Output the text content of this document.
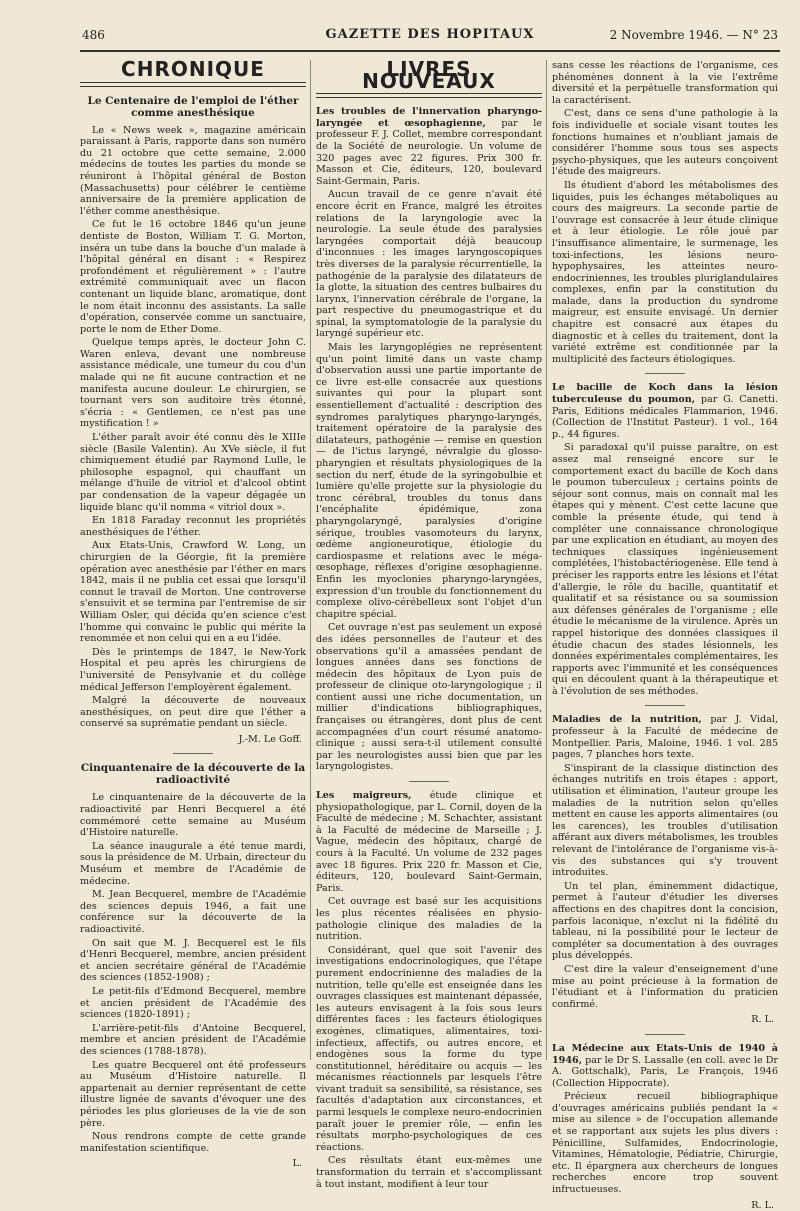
486	GAZETTE DES HOPITAUX	2 Novembre 1946. — N° 23
CHRONIQUE
Le Centenaire de l'emploi de l'éther comme anesthésique

Le « News week », magazine américain paraissant à Paris, rapporte dans son numéro du 21 octobre que cette semaine, 2.000 médecins de toutes les parties du monde se réuniront à l'hôpital général de Boston (Massachusetts) pour célébrer le centième anniversaire de la première application de l'éther comme anesthésique.

Ce fut le 16 octobre 1846 qu'un jeune dentiste de Boston, William T. G. Morton, inséra un tube dans la bouche d'un malade à l'hôpital général en disant : « Respirez profondément et régulièrement » : l'autre extrémité communiquait avec un flacon contenant un liquide blanc, aromatique, dont le nom était inconnu des assistants. La salle d'opération, conservée comme un sanctuaire, porte le nom de Ether Dome.

Quelque temps après, le docteur John C. Waren enleva, devant une nombreuse assistance médicale, une tumeur du cou d'un malade qui ne fit aucune contraction et ne manifesta aucune douleur. Le chirurgien, se tournant vers son auditoire très étonné, s'écria : « Gentlemen, ce n'est pas une mystification ! »

L'éther paraît avoir été connu dès le XIIIe siècle (Basile Valentin). Au XVe siècle, il fut chimiquement étudié par Raymond Lulle, le philosophe espagnol, qui chauffant un mélange d'huile de vitriol et d'alcool obtint par condensation de la vapeur dégagée un liquide blanc qu'il nomma « vitriol doux ».

En 1818 Faraday reconnut les propriétés anesthésiques de l'éther.

Aux Etats-Unis, Crawford W. Long, un chirurgien de la Géorgie, fit la première opération avec anesthésie par l'éther en mars 1842, mais il ne publia cet essai que lorsqu'il connut le travail de Morton. Une controverse s'ensuivit et se termina par l'entremise de sir William Osler, qui décida qu'en science c'est l'homme qui convainc le public qui mérite la renommée et non celui qui en a eu l'idée.

Dès le printemps de 1847, le New-York Hospital et peu après les chirurgiens de l'université de Pensylvanie et du collège médical Jefferson l'employèrent également.

Malgré la découverte de nouveaux anesthésiques, on peut dire que l'éther a conservé sa suprématie pendant un siècle.

J.-M. Le Goff.
Cinquantenaire de la découverte de la radioactivité

Le cinquantenaire de la découverte de la radioactivité par Henri Becquerel a été commémoré cette semaine au Muséum d'Histoire naturelle.

La séance inaugurale a été tenue mardi, sous la présidence de M. Urbain, directeur du Muséum et membre de l'Académie de médecine.

M. Jean Becquerel, membre de l'Académie des sciences depuis 1946, a fait une conférence sur la découverte de la radioactivité.

On sait que M. J. Becquerel est le fils d'Henri Becquerel, membre, ancien président et ancien secrétaire général de l'Académie des sciences (1852-1908) ;

Le petit-fils d'Edmond Becquerel, membre et ancien président de l'Académie des sciences (1820-1891) ;

L'arrière-petit-fils d'Antoine Becquerel, membre et ancien président de l'Académie des sciences (1788-1878).

Les quatre Becquerel ont été professeurs au Muséum d'Histoire naturelle. Il appartenait au dernier représentant de cette illustre lignée de savants d'évoquer une des périodes les plus glorieuses de la vie de son père.

Nous rendrons compte de cette grande manifestation scientifique.

L.
LIVRES NOUVEAUX

Les troubles de l'innervation pharyngo-laryngée et œsophagienne, par le professeur F. J. Collet, membre correspondant de la Société de neurologie. Un volume de 320 pages avec 22 figures. Prix 300 fr. Masson et Cie, éditeurs, 120, boulevard Saint-Germain, Paris.

Aucun travail de ce genre n'avait été encore écrit en France, malgré les étroites relations de la laryngologie avec la neurologie. La seule étude des paralysies laryngées comportait déjà beaucoup d'inconnues : les images laryngoscopiques très diverses de la paralysie récurrentielle, la pathogénie de la paralysie des dilatateurs de la glotte, la situation des centres bulbaires du larynx, l'innervation cérébrale de l'organe, la part respective du pneumogastrique et du spinal, la symptomatologie de la paralysie du laryngé supérieur etc.

Mais les laryngoplégies ne représentent qu'un point limité dans un vaste champ d'observation aussi une partie importante de ce livre est-elle consacrée aux questions suivantes qui pour la plupart sont essentiellement d'actualité : description des syndromes paralytiques pharyngo-laryngés, traitement opératoire de la paralysie des dilatateurs, pathogénie — remise en question — de l'ictus laryngé, névralgie du glosso-pharyngien et résultats physiologiques de la section du nerf, étude de la syringobulbie et lumière qu'elle projette sur la physiologie du tronc cérébral, troubles du tonus dans l'encéphalite épidémique, zona pharyngolaryngé, paralysies d'origine sérique, troubles vasomoteurs du larynx, œdème angioneurotique, étiologie du cardiospasme et relations avec le méga-œsophage, réflexes d'origine œsophagienne. Enfin les myoclonies pharyngo-laryngées, expression d'un trouble du fonctionnement du complexe olivo-cérébelleux sont l'objet d'un chapitre spécial.

Cet ouvrage n'est pas seulement un exposé des idées personnelles de l'auteur et des observations qu'il a amassées pendant de longues années dans ses fonctions de médecin des hôpitaux de Lyon puis de professeur de clinique oto-laryngologique ; il contient aussi une riche documentation, un millier d'indications bibliographiques, françaises ou étrangères, dont plus de cent accompagnées d'un court résumé anatomo-clinique ; aussi sera-t-il utilement consulté par les neurologistes aussi bien que par les laryngologistes.

Les maigreurs, étude clinique et physiopathologique, par L. Cornil, doyen de la Faculté de médecine ; M. Schachter, assistant à la Faculté de médecine de Marseille ; J. Vague, médecin des hôpitaux, chargé de cours à la Faculté. Un volume de 232 pages avec 18 figures. Prix 220 fr. Masson et Cie, éditeurs, 120, boulevard Saint-Germain, Paris.

Cet ouvrage est basé sur les acquisitions les plus récentes réalisées en physio-pathologie clinique des maladies de la nutrition.

Considérant, quel que soit l'avenir des investigations endocrinologiques, que l'étape purement endocrinienne des maladies de la nutrition, telle qu'elle est enseignée dans les ouvrages classiques est maintenant dépassée, les auteurs envisagent à la fois sous leurs différentes faces : les facteurs étiologiques exogènes, climatiques, alimentaires, toxi-infectieux, affectifs, ou autres encore, et endogènes sous la forme du type constitutionnel, héréditaire ou acquis — les mécanismes réactionnels par lesquels l'être vivant traduit sa sensibilité, sa résistance, ses facultés d'adaptation aux circonstances, et parmi lesquels le complexe neuro-endocrinien paraît jouer le premier rôle, — enfin les résultats morpho-psychologiques de ces réactions.

Ces résultats étant eux-mêmes une transformation du terrain et s'accomplissant à tout instant, modifient à leur tour

sans cesse les réactions de l'organisme, ces phénomènes donnent à la vie l'extrême diversité et la perpétuelle transformation qui la caractérisent.

C'est, dans ce sens d'une pathologie à la fois individuelle et sociale visant toutes les fonctions humaines et n'oubliant jamais de considérer l'homme sous tous ses aspects psycho-physiques, que les auteurs conçoivent l'étude des maigreurs.

Ils étudient d'abord les métabolismes des liquides, puis les échanges métaboliques au cours des maigreurs. La seconde partie de l'ouvrage est consacrée à leur étude clinique et à leur étiologie. Le rôle joué par l'insuffisance alimentaire, le surmenage, les toxi-infections, les lésions neuro-hypophysaires, les atteintes neuro-endocriniennes, les troubles pluriglandulaires complexes, enfin par la constitution du malade, dans la production du syndrome maigreur, est ensuite envisagé. Un dernier chapitre est consacré aux étapes du diagnostic et à celles du traitement, dont la variété extrême est conditionnée par la multiplicité des facteurs étiologiques.

Le bacille de Koch dans la lésion tuberculeuse du poumon, par G. Canetti. Paris, Editions médicales Flammarion, 1946. (Collection de l'Institut Pasteur). 1 vol., 164 p., 44 figures.

Si paradoxal qu'il puisse paraître, on est assez mal renseigné encore sur le comportement exact du bacille de Koch dans le poumon tuberculeux ; certains points de séjour sont connus, mais on connaît mal les étapes qui y mènent. C'est cette lacune que comble la présente étude, qui tend à compléter une connaissance chronologique par une explication en étudiant, au moyen des techniques classiques ingénieusement complétées, l'histobactériogenèse. Elle tend à préciser les rapports entre les lésions et l'état d'allergie, le rôle du bacille, quantitatif et qualitatif et sa résistance ou sa soumission aux défenses générales de l'organisme ; elle étudie le mécanisme de la virulence. Après un rappel historique des données classiques il étudie chacun des stades lésionnels, les données expérimentales complémentaires, les rapports avec l'immunité et les conséquences qui en découlent quant à la thérapeutique et à l'évolution de ses méthodes.

Maladies de la nutrition, par J. Vidal, professeur à la Faculté de médecine de Montpellier. Paris, Maloine, 1946. 1 vol. 285 pages, 7 planches hors texte.

S'inspirant de la classique distinction des échanges nutritifs en trois étapes : apport, utilisation et élimination, l'auteur groupe les maladies de la nutrition selon qu'elles mettent en cause les apports alimentaires (ou les carences), les troubles d'utilisation afférant aux divers métabolismes, les troubles relevant de l'intolérance de l'organisme vis-à-vis des substances qui s'y trouvent introduites.

Un tel plan, éminemment didactique, permet à l'auteur d'étudier les diverses affections en des chapitres dont la concision, parfois laconique, n'exclut ni la fidélité du tableau, ni la possibilité pour le lecteur de compléter sa documentation à des ouvrages plus développés.

C'est dire la valeur d'enseignement d'une mise au point précieuse à la formation de l'étudiant et à l'information du praticien confirmé.

R. L.

La Médecine aux Etats-Unis de 1940 à 1946, par le Dr S. Lassalle (en coll. avec le Dr A. Gottschalk), Paris, Le François, 1946 (Collection Hippocrate).

Précieux recueil bibliographique d'ouvrages américains publiés pendant la « mise au silence » de l'occupation allemande et se rapportant aux sujets les plus divers : Pénicilline, Sulfamides, Endocrinologie, Vitamines, Hématologie, Pédiatrie, Chirurgie, etc. Il épargnera aux chercheurs de longues recherches encore trop souvent infructueuses.

R. L.
